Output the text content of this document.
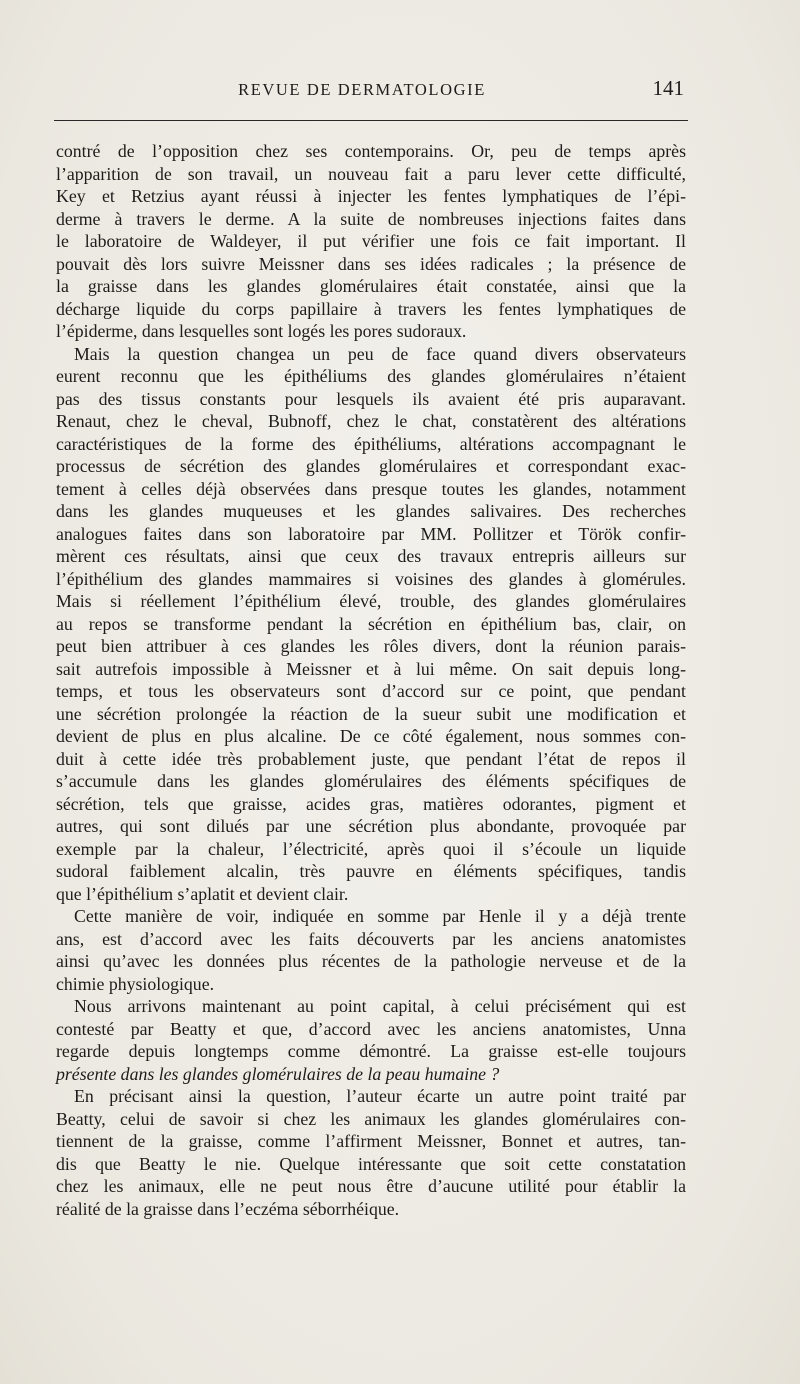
REVUE DE DERMATOLOGIE	141
contré de l’opposition chez ses contemporains. Or, peu de temps après
l’apparition de son travail, un nouveau fait a paru lever cette difficulté,
Key et Retzius ayant réussi à injecter les fentes lymphatiques de l’épi-
derme à travers le derme. A la suite de nombreuses injections faites dans
le laboratoire de Waldeyer, il put vérifier une fois ce fait important. Il
pouvait dès lors suivre Meissner dans ses idées radicales ; la présence de
la graisse dans les glandes glomérulaires était constatée, ainsi que la
décharge liquide du corps papillaire à travers les fentes lymphatiques de
l’épiderme, dans lesquelles sont logés les pores sudoraux.
Mais la question changea un peu de face quand divers observateurs
eurent reconnu que les épithéliums des glandes glomérulaires n’étaient
pas des tissus constants pour lesquels ils avaient été pris auparavant.
Renaut, chez le cheval, Bubnoff, chez le chat, constatèrent des altérations
caractéristiques de la forme des épithéliums, altérations accompagnant le
processus de sécrétion des glandes glomérulaires et correspondant exac-
tement à celles déjà observées dans presque toutes les glandes, notamment
dans les glandes muqueuses et les glandes salivaires. Des recherches
analogues faites dans son laboratoire par MM. Pollitzer et Török confir-
mèrent ces résultats, ainsi que ceux des travaux entrepris ailleurs sur
l’épithélium des glandes mammaires si voisines des glandes à glomérules.
Mais si réellement l’épithélium élevé, trouble, des glandes glomérulaires
au repos se transforme pendant la sécrétion en épithélium bas, clair, on
peut bien attribuer à ces glandes les rôles divers, dont la réunion parais-
sait autrefois impossible à Meissner et à lui même. On sait depuis long-
temps, et tous les observateurs sont d’accord sur ce point, que pendant
une sécrétion prolongée la réaction de la sueur subit une modification et
devient de plus en plus alcaline. De ce côté également, nous sommes con-
duit à cette idée très probablement juste, que pendant l’état de repos il
s’accumule dans les glandes glomérulaires des éléments spécifiques de
sécrétion, tels que graisse, acides gras, matières odorantes, pigment et
autres, qui sont dilués par une sécrétion plus abondante, provoquée par
exemple par la chaleur, l’électricité, après quoi il s’écoule un liquide
sudoral faiblement alcalin, très pauvre en éléments spécifiques, tandis
que l’épithélium s’aplatit et devient clair.
Cette manière de voir, indiquée en somme par Henle il y a déjà trente
ans, est d’accord avec les faits découverts par les anciens anatomistes
ainsi qu’avec les données plus récentes de la pathologie nerveuse et de la
chimie physiologique.
Nous arrivons maintenant au point capital, à celui précisément qui est
contesté par Beatty et que, d’accord avec les anciens anatomistes, Unna
regarde depuis longtemps comme démontré. La graisse est-elle toujours
présente dans les glandes glomérulaires de la peau humaine ?
En précisant ainsi la question, l’auteur écarte un autre point traité par
Beatty, celui de savoir si chez les animaux les glandes glomérulaires con-
tiennent de la graisse, comme l’affirment Meissner, Bonnet et autres, tan-
dis que Beatty le nie. Quelque intéressante que soit cette constatation
chez les animaux, elle ne peut nous être d’aucune utilité pour établir la
réalité de la graisse dans l’eczéma séborrhéique.
